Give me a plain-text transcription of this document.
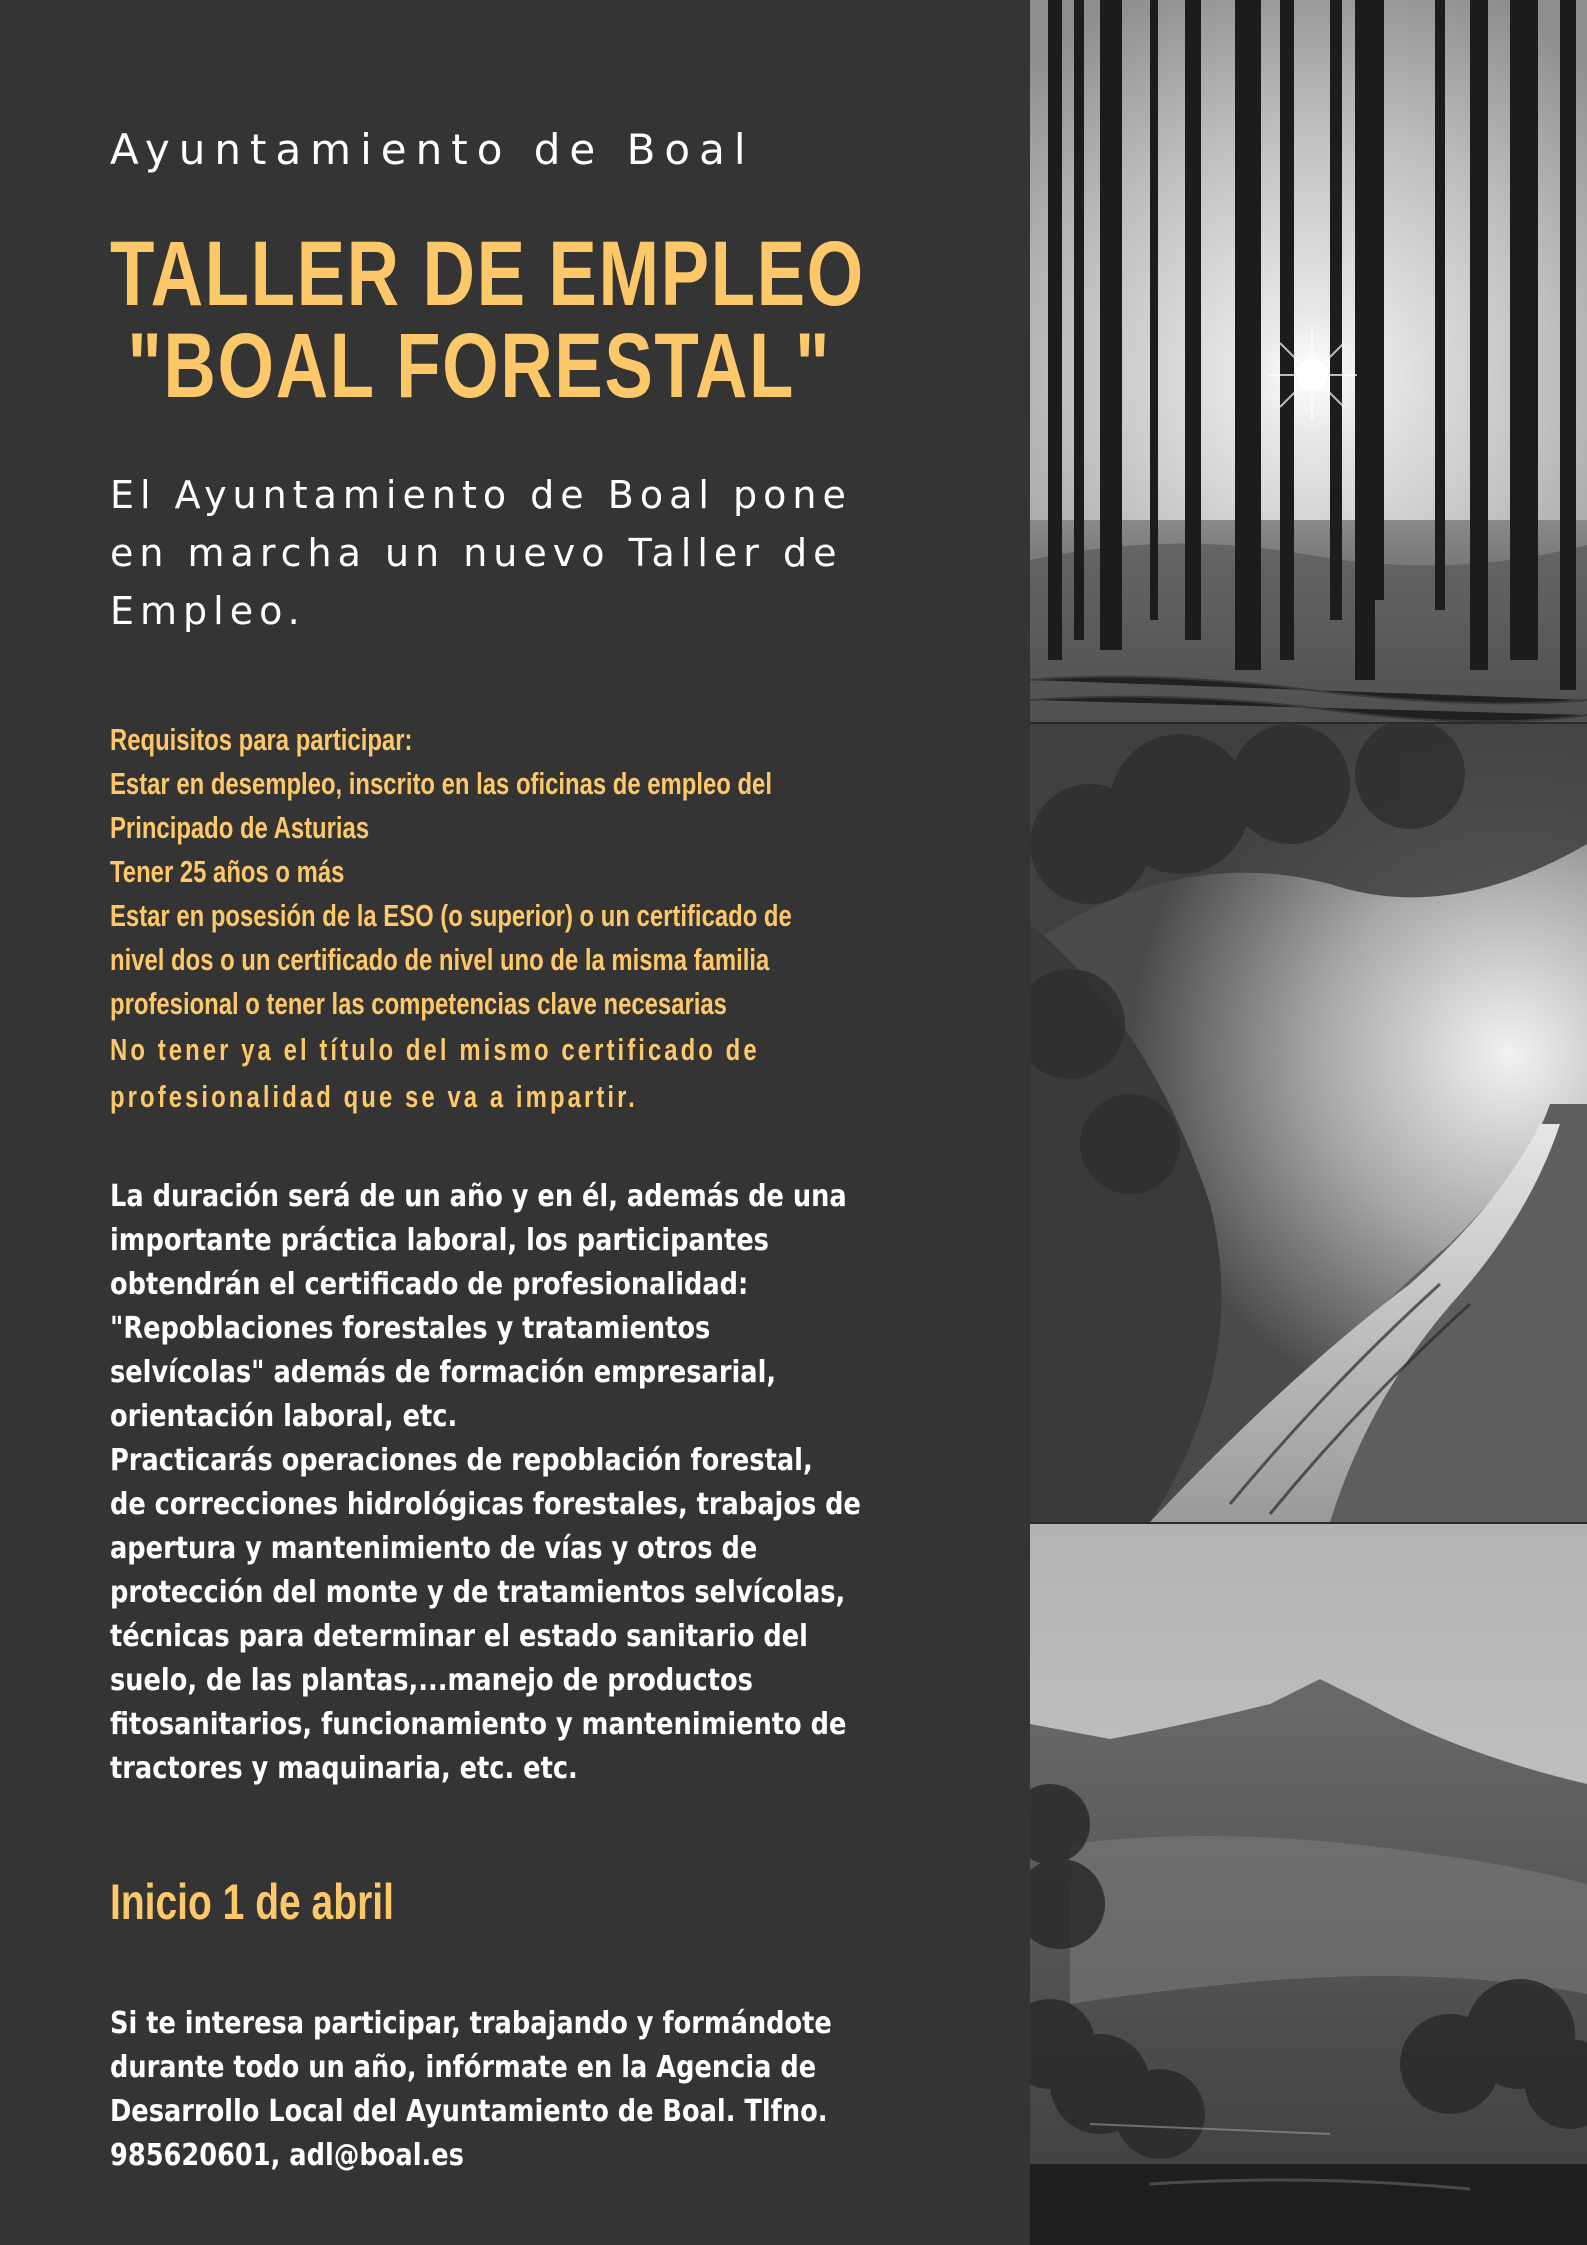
Ayuntamiento de Boal
TALLER DE EMPLEO
"BOAL FORESTAL"

El Ayuntamiento de Boal pone
en marcha un nuevo Taller de
Empleo.

Requisitos para participar:
Estar en desempleo, inscrito en las oficinas de empleo del
Principado de Asturias
Tener 25 años o más
Estar en posesión de la ESO (o superior) o un certificado de
nivel dos o un certificado de nivel uno de la misma familia
profesional o tener las competencias clave necesarias
No tener ya el título del mismo certificado de
profesionalidad que se va a impartir.
La duración será de un año y en él, además de una
importante práctica laboral, los participantes
obtendrán el certificado de profesionalidad:
"Repoblaciones forestales y tratamientos
selvícolas" además de formación empresarial,
orientación laboral, etc.
Practicarás operaciones de repoblación forestal,
de correcciones hidrológicas forestales, trabajos de
apertura y mantenimiento de vías y otros de
protección del monte y de tratamientos selvícolas,
técnicas para determinar el estado sanitario del
suelo, de las plantas,...manejo de productos
fitosanitarios, funcionamiento y mantenimiento de
tractores y maquinaria, etc. etc.
Inicio 1 de abril
Si te interesa participar, trabajando y formándote
durante todo un año, infórmate en la Agencia de
Desarrollo Local del Ayuntamiento de Boal. Tlfno.
985620601, adl@boal.es
